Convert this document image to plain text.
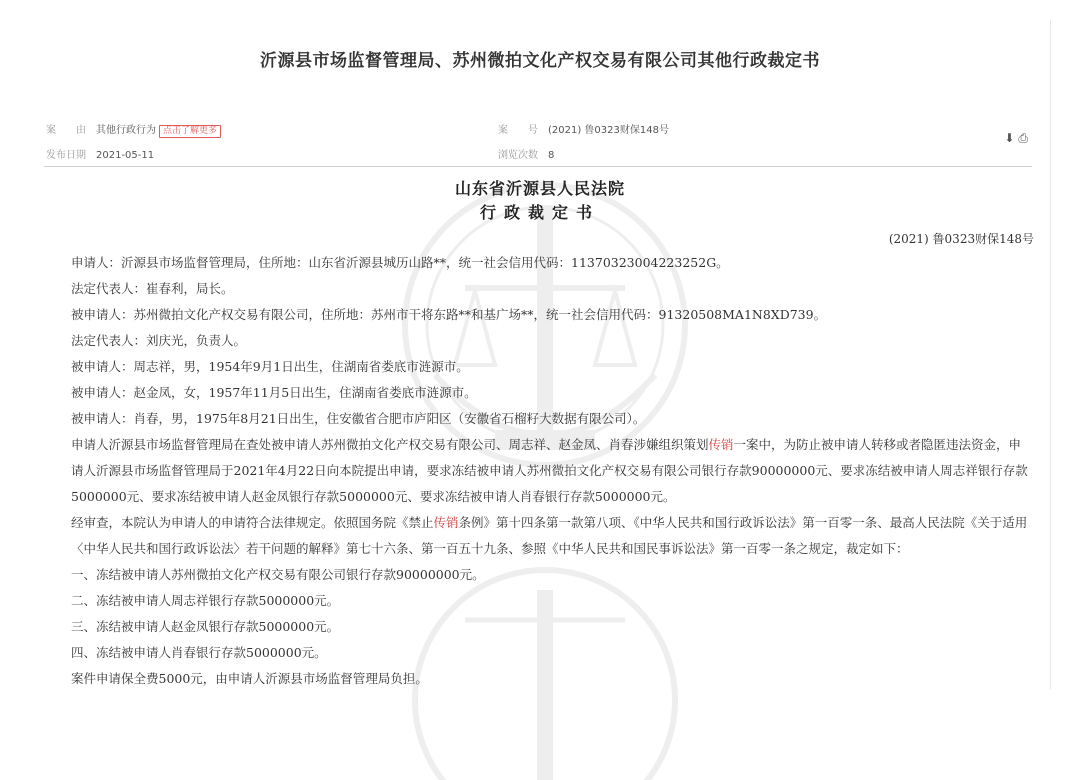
沂源县市场监督管理局、苏州微拍文化产权交易有限公司其他行政裁定书
案　　由 其他行政行为 点击了解更多	案　　号 (2021) 鲁0323财保148号
发布日期 2021-05-11	浏览次数 8
⬇ ⎙
山东省沂源县人民法院
行政裁定书
(2021) 鲁0323财保148号

申请人：沂源县市场监督管理局，住所地：山东省沂源县城历山路**，统一社会信用代码：11370323004223252G。

法定代表人：崔春利，局长。

被申请人：苏州微拍文化产权交易有限公司，住所地：苏州市干将东路**和基广场**，统一社会信用代码：91320508MA1N8XD739。

法定代表人：刘庆光，负责人。

被申请人：周志祥，男，1954年9月1日出生，住湖南省娄底市涟源市。

被申请人：赵金凤，女，1957年11月5日出生，住湖南省娄底市涟源市。

被申请人：肖春，男，1975年8月21日出生，住安徽省合肥市庐阳区（安徽省石榴籽大数据有限公司）。

申请人沂源县市场监督管理局在查处被申请人苏州微拍文化产权交易有限公司、周志祥、赵金凤、肖春涉嫌组织策划传销一案中，为防止被申请人转移或者隐匿违法资金，申请人沂源县市场监督管理局于2021年4月22日向本院提出申请，要求冻结被申请人苏州微拍文化产权交易有限公司银行存款90000000元、要求冻结被申请人周志祥银行存款5000000元、要求冻结被申请人赵金凤银行存款5000000元、要求冻结被申请人肖春银行存款5000000元。

经审查，本院认为申请人的申请符合法律规定。依照国务院《禁止传销条例》第十四条第一款第八项、《中华人民共和国行政诉讼法》第一百零一条、最高人民法院《关于适用〈中华人民共和国行政诉讼法〉若干问题的解释》第七十六条、第一百五十九条、参照《中华人民共和国民事诉讼法》第一百零一条之规定，裁定如下：

一、冻结被申请人苏州微拍文化产权交易有限公司银行存款90000000元。

二、冻结被申请人周志祥银行存款5000000元。

三、冻结被申请人赵金凤银行存款5000000元。

四、冻结被申请人肖春银行存款5000000元。

案件申请保全费5000元，由申请人沂源县市场监督管理局负担。
